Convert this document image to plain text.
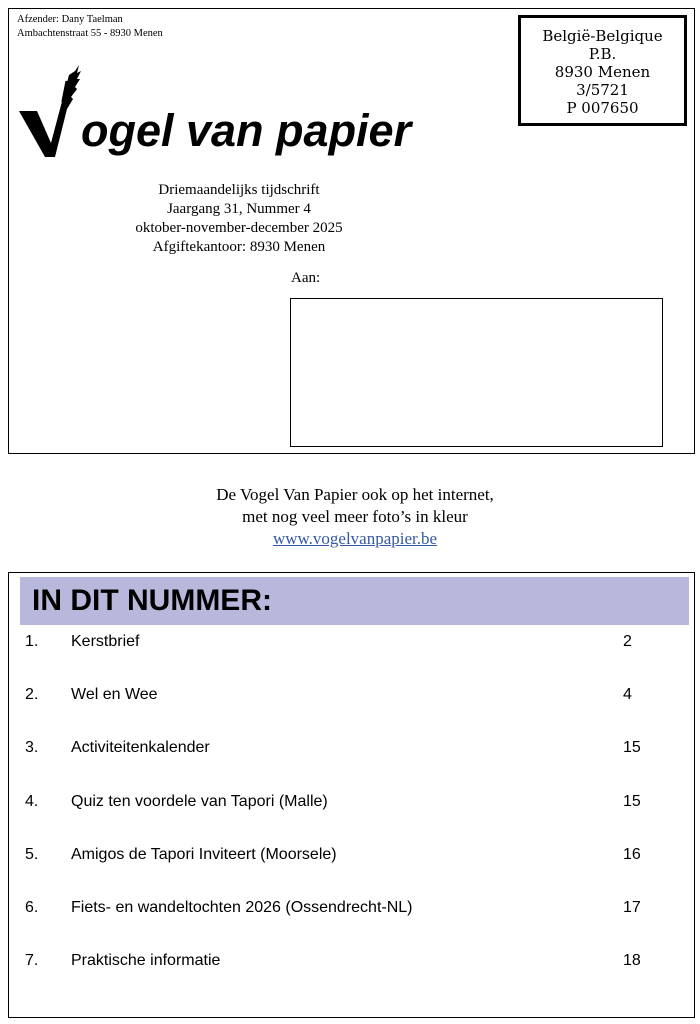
Afzender: Dany Taelman
Ambachtenstraat 55 - 8930 Menen	België-Belgique
P.B.
8930 Menen
3/5721
P 007650
ogel van papier
Driemaandelijks tijdschrift
Jaargang 31, Nummer 4
oktober-november-december 2025
Afgiftekantoor: 8930 Menen
Aan:
De Vogel Van Papier ook op het internet,
met nog veel meer foto’s in kleur
www.vogelvanpapier.be
IN DIT NUMMER:
1. Kerstbrief	2
2. Wel en Wee	4
3. Activiteitenkalender	15
4. Quiz ten voordele van Tapori (Malle)	15
5. Amigos de Tapori Inviteert (Moorsele)	16
6. Fiets- en wandeltochten 2026 (Ossendrecht-NL)	17
7. Praktische informatie	18
